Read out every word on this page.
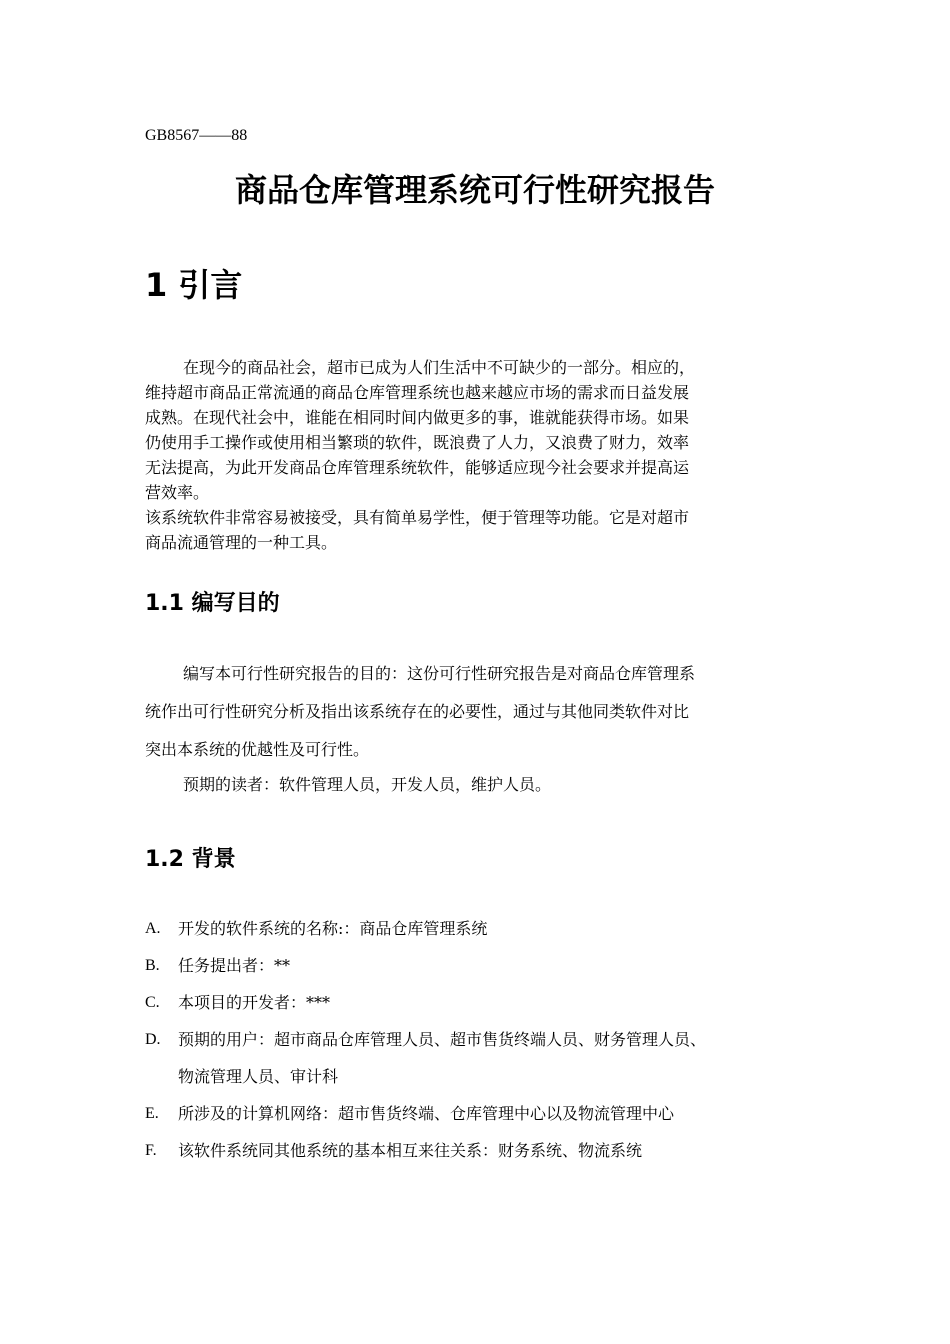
GB8567——88
商品仓库管理系统可行性研究报告
1 引言
在现今的商品社会，超市已成为人们生活中不可缺少的一部分。相应的，
维持超市商品正常流通的商品仓库管理系统也越来越应市场的需求而日益发展
成熟。在现代社会中，谁能在相同时间内做更多的事，谁就能获得市场。如果
仍使用手工操作或使用相当繁琐的软件，既浪费了人力，又浪费了财力，效率
无法提高，为此开发商品仓库管理系统软件，能够适应现今社会要求并提高运
营效率。
该系统软件非常容易被接受，具有简单易学性，便于管理等功能。它是对超市
商品流通管理的一种工具。
1.1 编写目的
编写本可行性研究报告的目的：这份可行性研究报告是对商品仓库管理系
统作出可行性研究分析及指出该系统存在的必要性，通过与其他同类软件对比
突出本系统的优越性及可行性。
预期的读者：软件管理人员，开发人员，维护人员。
1.2 背景
A. 开发的软件系统的名称:：商品仓库管理系统
B. 任务提出者：**
C. 本项目的开发者：***
D. 预期的用户：超市商品仓库管理人员、超市售货终端人员、财务管理人员、
物流管理人员、审计科
E. 所涉及的计算机网络：超市售货终端、仓库管理中心以及物流管理中心
F. 该软件系统同其他系统的基本相互来往关系：财务系统、物流系统
